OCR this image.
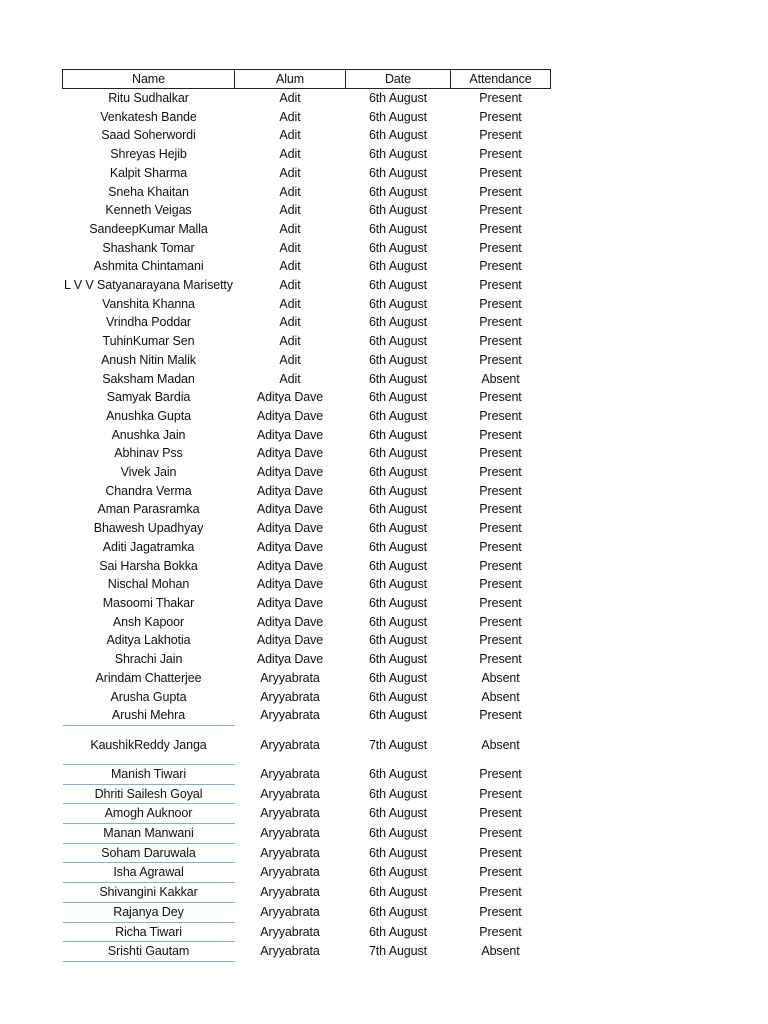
Name	Alum	Date	Attendance
Ritu Sudhalkar	Adit	6th August	Present
Venkatesh Bande	Adit	6th August	Present
Saad Soherwordi	Adit	6th August	Present
Shreyas Hejib	Adit	6th August	Present
Kalpit Sharma	Adit	6th August	Present
Sneha Khaitan	Adit	6th August	Present
Kenneth Veigas	Adit	6th August	Present
SandeepKumar Malla	Adit	6th August	Present
Shashank Tomar	Adit	6th August	Present
Ashmita Chintamani	Adit	6th August	Present
L V V Satyanarayana Marisetty	Adit	6th August	Present
Vanshita Khanna	Adit	6th August	Present
Vrindha Poddar	Adit	6th August	Present
TuhinKumar Sen	Adit	6th August	Present
Anush Nitin Malik	Adit	6th August	Present
Saksham Madan	Adit	6th August	Absent
Samyak Bardia	Aditya Dave	6th August	Present
Anushka Gupta	Aditya Dave	6th August	Present
Anushka Jain	Aditya Dave	6th August	Present
Abhinav Pss	Aditya Dave	6th August	Present
Vivek Jain	Aditya Dave	6th August	Present
Chandra Verma	Aditya Dave	6th August	Present
Aman Parasramka	Aditya Dave	6th August	Present
Bhawesh Upadhyay	Aditya Dave	6th August	Present
Aditi Jagatramka	Aditya Dave	6th August	Present
Sai Harsha Bokka	Aditya Dave	6th August	Present
Nischal Mohan	Aditya Dave	6th August	Present
Masoomi Thakar	Aditya Dave	6th August	Present
Ansh Kapoor	Aditya Dave	6th August	Present
Aditya Lakhotia	Aditya Dave	6th August	Present
Shrachi Jain	Aditya Dave	6th August	Present
Arindam Chatterjee	Aryyabrata	6th August	Absent
Arusha Gupta	Aryyabrata	6th August	Absent
Arushi Mehra	Aryyabrata	6th August	Present
KaushikReddy Janga	Aryyabrata	7th August	Absent
Manish Tiwari	Aryyabrata	6th August	Present
Dhriti Sailesh Goyal	Aryyabrata	6th August	Present
Amogh Auknoor	Aryyabrata	6th August	Present
Manan Manwani	Aryyabrata	6th August	Present
Soham Daruwala	Aryyabrata	6th August	Present
Isha Agrawal	Aryyabrata	6th August	Present
Shivangini Kakkar	Aryyabrata	6th August	Present
Rajanya Dey	Aryyabrata	6th August	Present
Richa Tiwari	Aryyabrata	6th August	Present
Srishti Gautam	Aryyabrata	7th August	Absent
